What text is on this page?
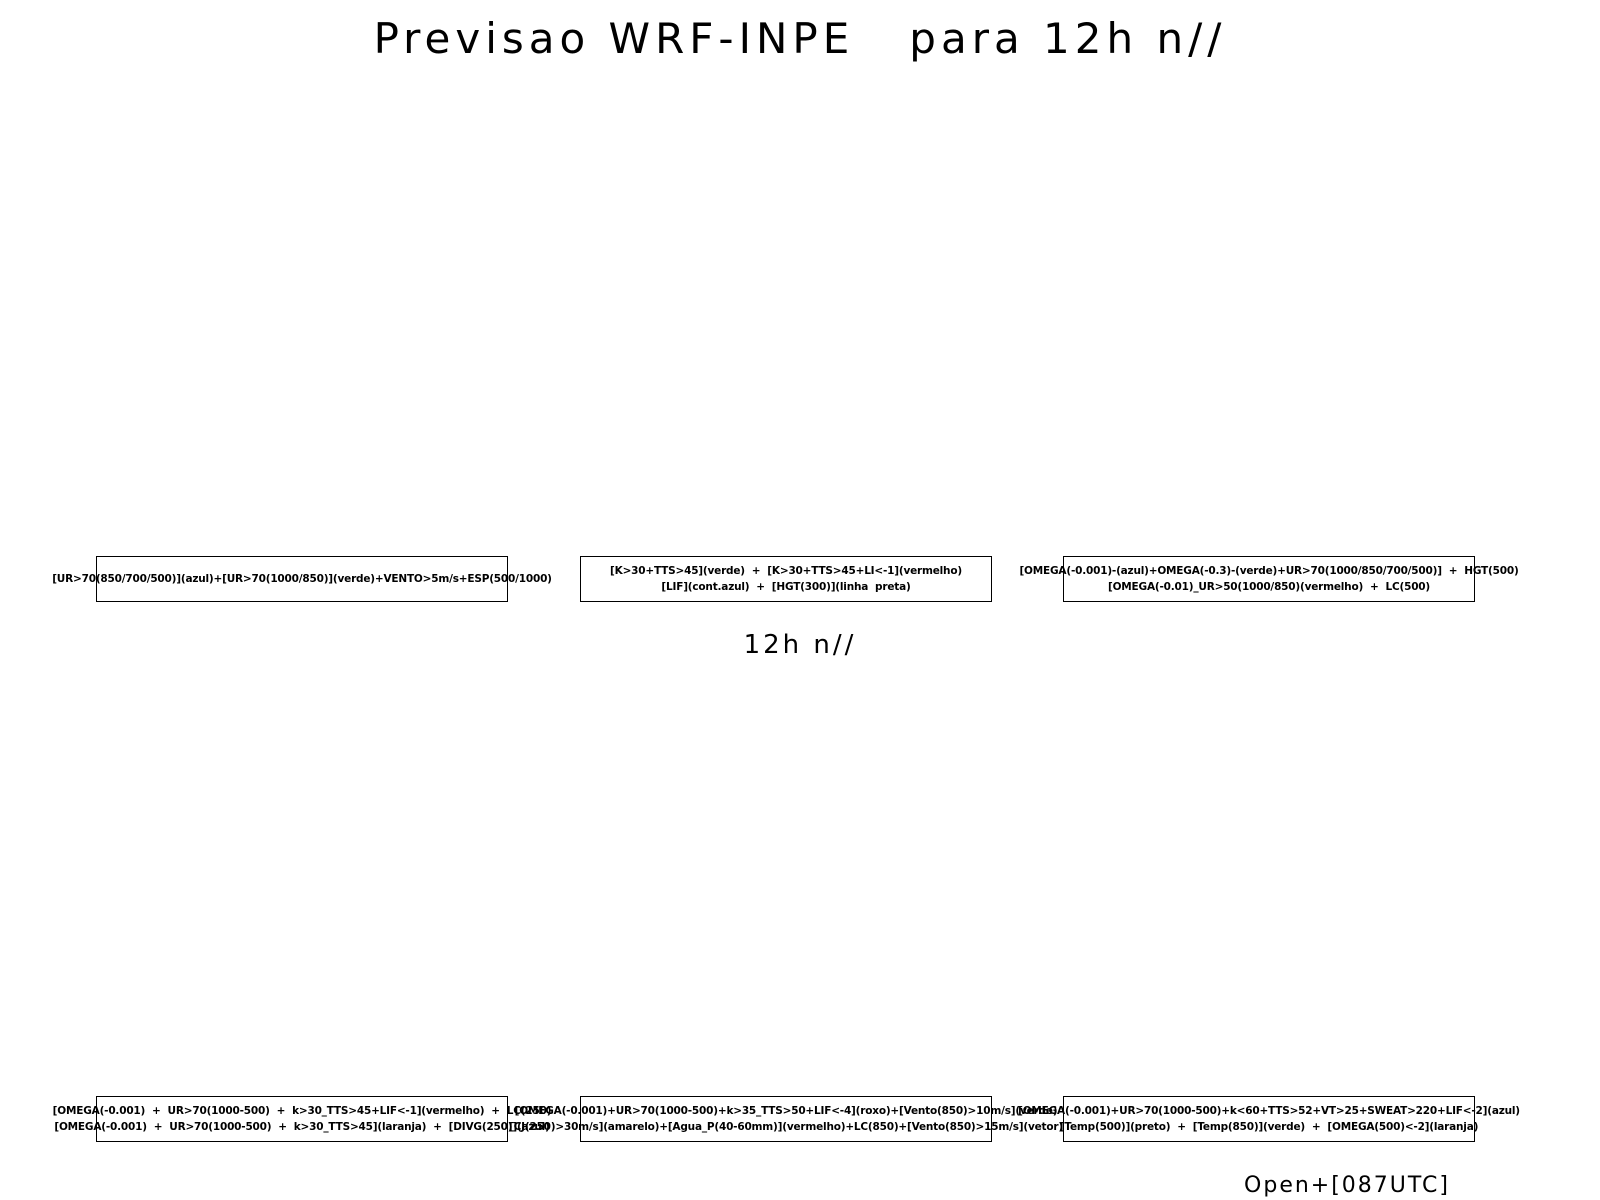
Previsao WRF-INPE   para 12h n//
[UR>70(850/700/500)](azul)+[UR>70(1000/850)](verde)+VENTO>5m/s+ESP(500/1000)
[K>30+TTS>45](verde)  +  [K>30+TTS>45+LI<-1](vermelho)
[LIF](cont.azul)  +  [HGT(300)](linha  preta)
[OMEGA(-0.001)-(azul)+OMEGA(-0.3)-(verde)+UR>70(1000/850/700/500)]  +  HGT(500)
[OMEGA(-0.01)_UR>50(1000/850)(vermelho)  +  LC(500)
12h n//
[OMEGA(-0.001)  +  UR>70(1000-500)  +  k>30_TTS>45+LIF<-1](vermelho)  +  LC(250)
[OMEGA(-0.001)  +  UR>70(1000-500)  +  k>30_TTS>45](laranja)  +  [DIVG(250)](azul)
[OMEGA(-0.001)+UR>70(1000-500)+k>35_TTS>50+LIF<-4](roxo)+[Vento(850)>10m/s](verde)
[CJ(250)>30m/s](amarelo)+[Agua_P(40-60mm)](vermelho)+LC(850)+[Vento(850)>15m/s](vetor)
[OMEGA(-0.001)+UR>70(1000-500)+k<60+TTS>52+VT>25+SWEAT>220+LIF<-2](azul)
[Temp(500)](preto)  +  [Temp(850)](verde)  +  [OMEGA(500)<-2](laranja)
Open+[087UTC]
